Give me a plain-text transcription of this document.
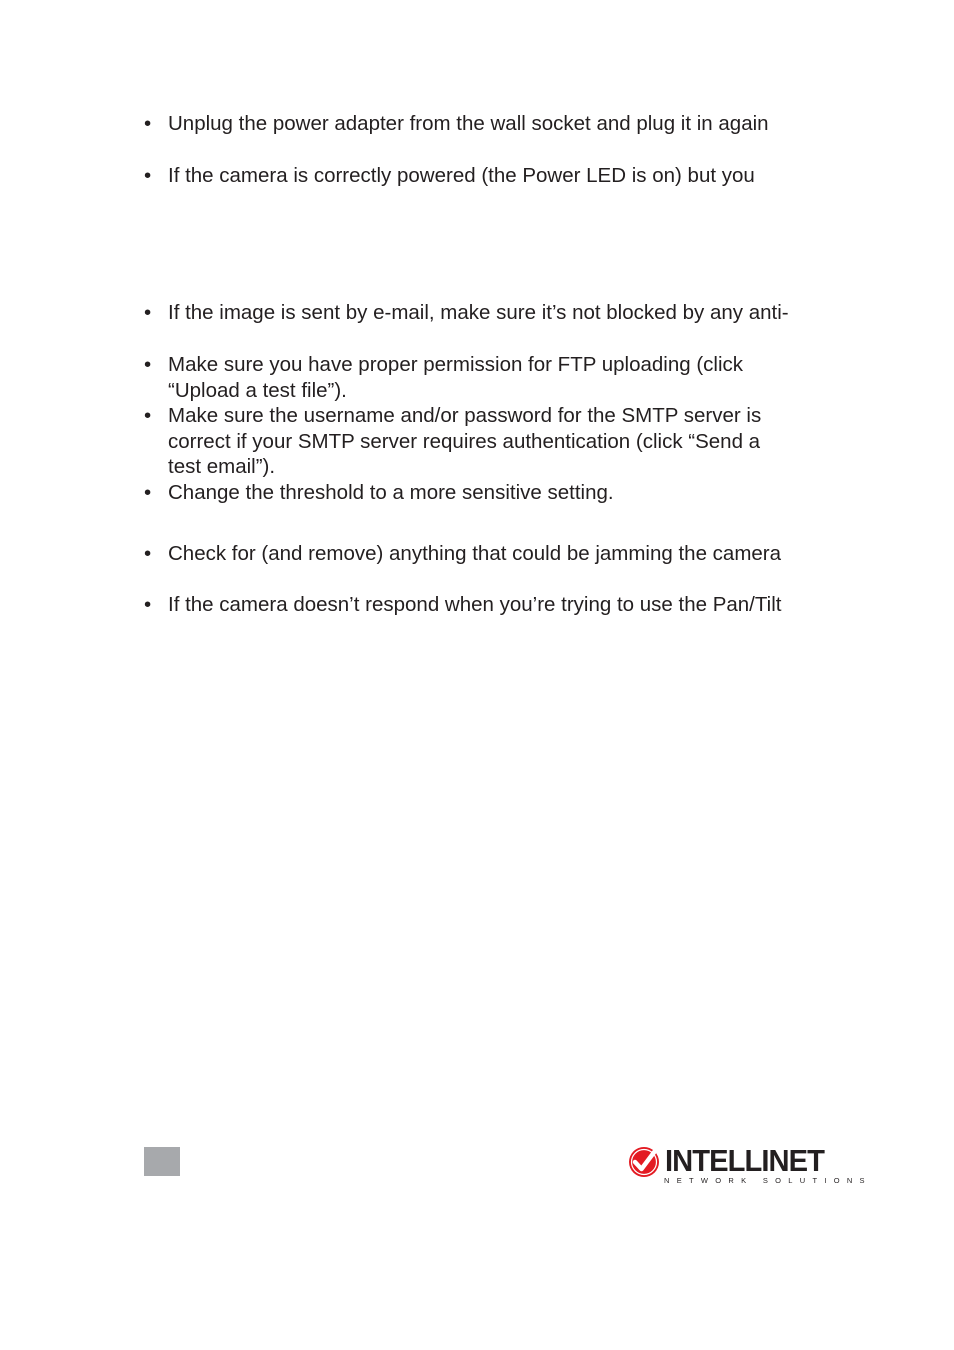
• Unplug the power adapter from the wall socket and plug it in again
• If the camera is correctly powered (the Power LED is on) but you
• If the image is sent by e-mail, make sure it’s not blocked by any anti-
• Make sure you have proper permission for FTP uploading (click
“Upload a test file”).
• Make sure the username and/or password for the SMTP server is
correct if your SMTP server requires authentication (click “Send a
test email”).
• Change the threshold to a more sensitive setting.
• Check for (and remove) anything that could be jamming the camera
• If the camera doesn’t respond when you’re trying to use the Pan/Tilt
INTELLINET
NETWORK SOLUTIONS
